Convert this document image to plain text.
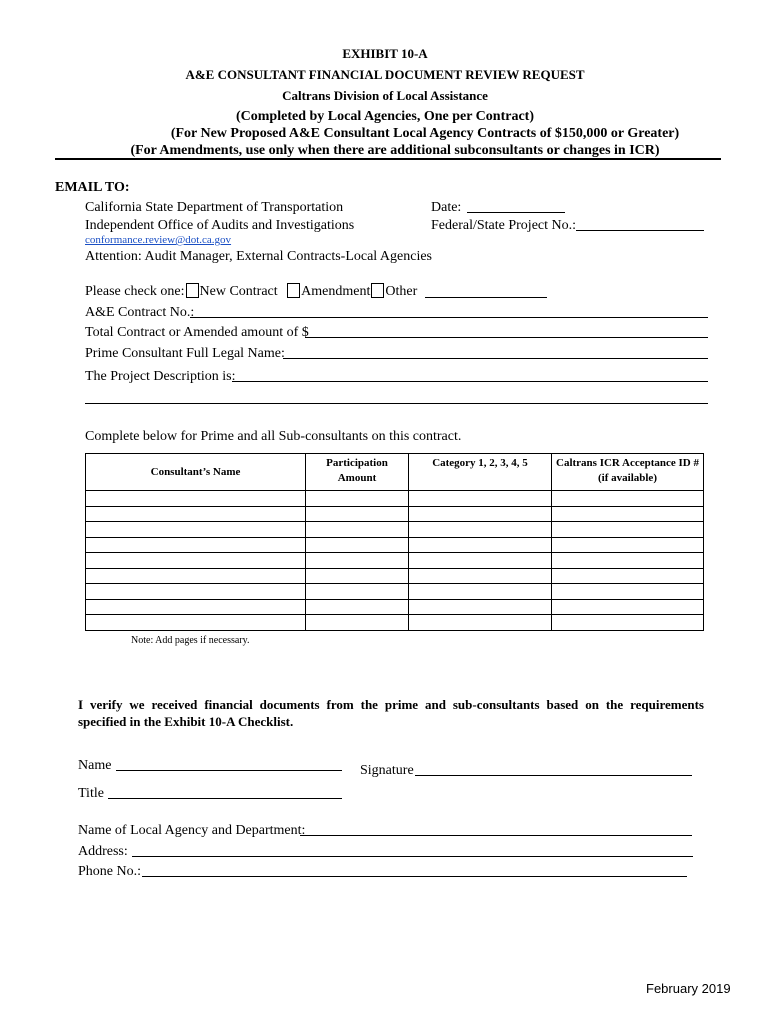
EXHIBIT 10-A
A&E CONSULTANT FINANCIAL DOCUMENT REVIEW REQUEST
Caltrans Division of Local Assistance
(Completed by Local Agencies, One per Contract)
(For New Proposed A&E Consultant Local Agency Contracts of $150,000 or Greater)
(For Amendments, use only when there are additional subconsultants or changes in ICR)
EMAIL TO:
California State Department of Transportation
Independent Office of Audits and Investigations
conformance.review@dot.ca.gov
Attention: Audit Manager, External Contracts-Local Agencies
Date:
Federal/State Project No.:
Please check one: New Contract Amendment Other
A&E Contract No.:
Total Contract or Amended amount of $
Prime Consultant Full Legal Name:
The Project Description is:
Complete below for Prime and all Sub-consultants on this contract.
Consultant’s Name	Participation Amount	Category 1, 2, 3, 4, 5	Caltrans ICR Acceptance ID # (if available)

Note: Add pages if necessary.
I verify we received financial documents from the prime and sub-consultants based on the requirements specified in the Exhibit 10-A Checklist.
Name	Signature
Title
Name of Local Agency and Department:
Address:
Phone No.:
February 2019
